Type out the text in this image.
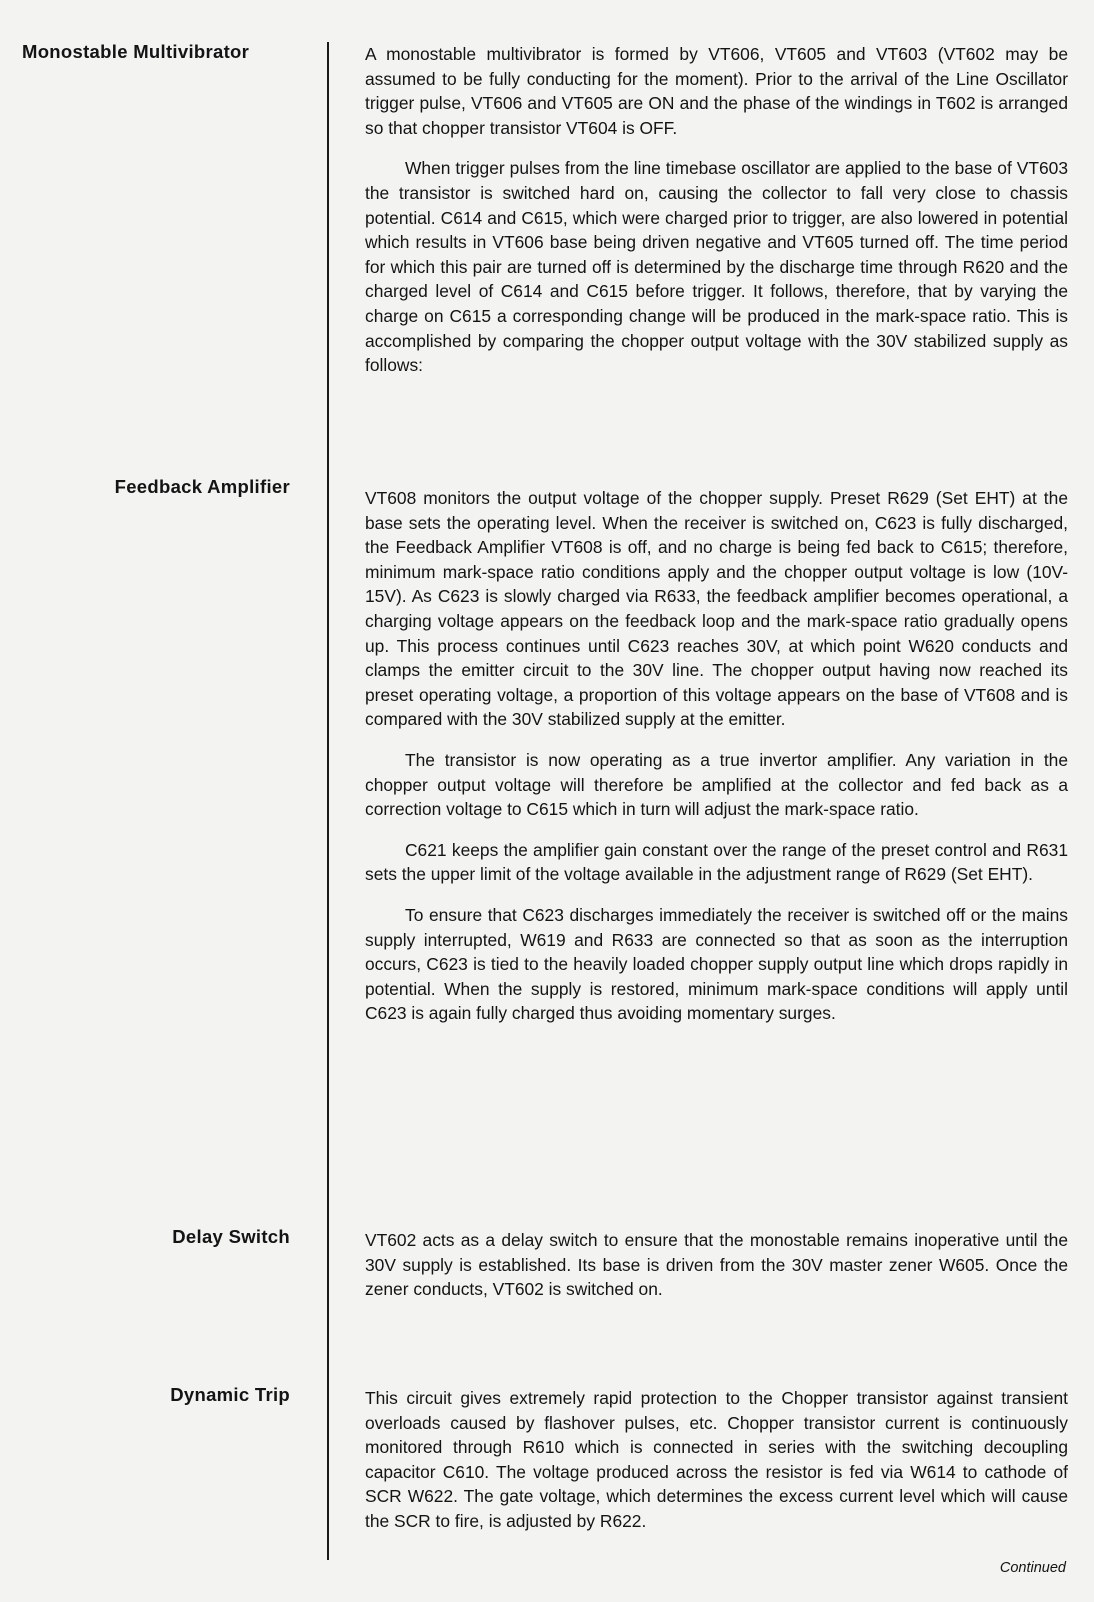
Monostable Multivibrator	A monostable multivibrator is formed by VT606, VT605 and VT603 (VT602 may be assumed to be fully conducting for the moment). Prior to the arrival of the Line Oscillator trigger pulse, VT606 and VT605 are ON and the phase of the windings in T602 is arranged so that chopper transistor VT604 is OFF.

When trigger pulses from the line timebase oscillator are applied to the base of VT603 the transistor is switched hard on, causing the collector to fall very close to chassis potential. C614 and C615, which were charged prior to trigger, are also lowered in potential which results in VT606 base being driven negative and VT605 turned off. The time period for which this pair are turned off is determined by the discharge time through R620 and the charged level of C614 and C615 before trigger. It follows, therefore, that by varying the charge on C615 a corresponding change will be produced in the mark-space ratio. This is accomplished by comparing the chopper output voltage with the 30V stabilized supply as follows:

Feedback Amplifier

VT608 monitors the output voltage of the chopper supply. Preset R629 (Set EHT) at the base sets the operating level. When the receiver is switched on, C623 is fully discharged, the Feedback Amplifier VT608 is off, and no charge is being fed back to C615; therefore, minimum mark-space ratio conditions apply and the chopper output voltage is low (10V-15V). As C623 is slowly charged via R633, the feedback amplifier becomes operational, a charging voltage appears on the feedback loop and the mark-space ratio gradually opens up. This process continues until C623 reaches 30V, at which point W620 conducts and clamps the emitter circuit to the 30V line. The chopper output having now reached its preset operating voltage, a proportion of this voltage appears on the base of VT608 and is compared with the 30V stabilized supply at the emitter.

The transistor is now operating as a true invertor amplifier. Any variation in the chopper output voltage will therefore be amplified at the collector and fed back as a correction voltage to C615 which in turn will adjust the mark-space ratio.

C621 keeps the amplifier gain constant over the range of the preset control and R631 sets the upper limit of the voltage available in the adjustment range of R629 (Set EHT).

To ensure that C623 discharges immediately the receiver is switched off or the mains supply interrupted, W619 and R633 are connected so that as soon as the interruption occurs, C623 is tied to the heavily loaded chopper supply output line which drops rapidly in potential. When the supply is restored, minimum mark-space conditions will apply until C623 is again fully charged thus avoiding momentary surges.

Delay Switch	VT602 acts as a delay switch to ensure that the monostable remains inoperative until the 30V supply is established. Its base is driven from the 30V master zener W605. Once the zener conducts, VT602 is switched on.

Dynamic Trip	This circuit gives extremely rapid protection to the Chopper transistor against transient overloads caused by flashover pulses, etc. Chopper transistor current is continuously monitored through R610 which is connected in series with the switching decoupling capacitor C610. The voltage produced across the resistor is fed via W614 to cathode of SCR W622. The gate voltage, which determines the excess current level which will cause the SCR to fire, is adjusted by R622.

Continued
